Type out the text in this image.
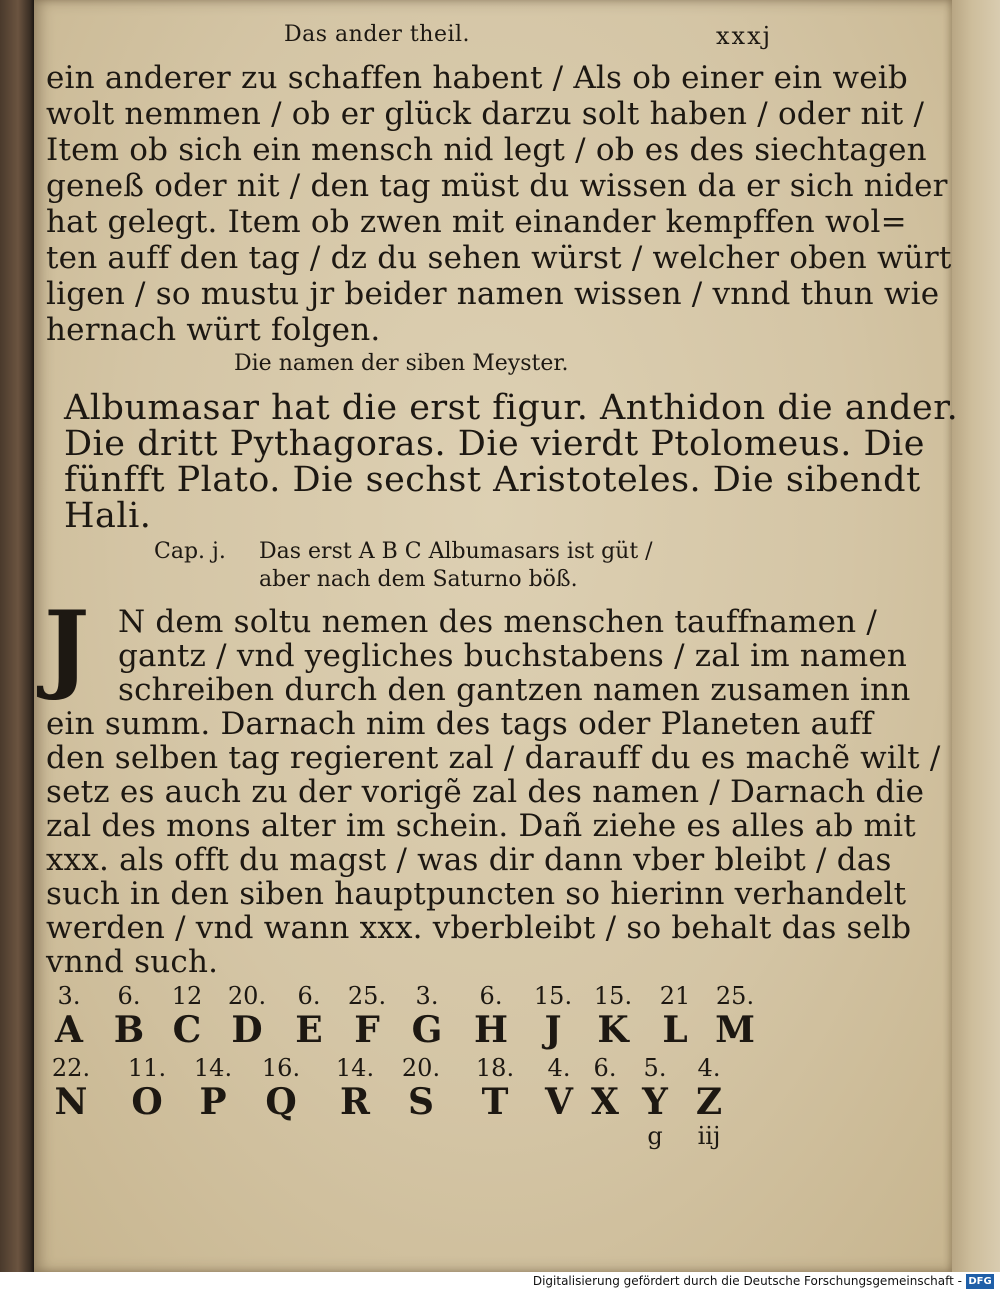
Das ander theil.	xxxj
ein anderer zu schaffen habent / Als ob einer ein weib
wolt nemmen / ob er glück darzu solt haben / oder nit /
Item ob sich ein mensch nid legt / ob es des siechtagen
geneß oder nit / den tag müst du wissen da er sich nider
hat gelegt. Item ob zwen mit einander kempffen wol=
ten auff den tag / dz du sehen würst / welcher oben würt
ligen / so mustu jr beider namen wissen / vnnd thun wie
hernach würt folgen.
Die namen der siben Meyster.
Albumasar hat die erst figur. Anthidon die ander.
Die dritt Pythagoras. Die vierdt Ptolomeus. Die
fünfft Plato. Die sechst Aristoteles. Die sibendt
Hali.
Cap. j. Das erst A B C Albumasars ist güt /
aber nach dem Saturno böß.
J N dem soltu nemen des menschen tauffnamen /
gantz / vnd yegliches buchstabens / zal im namen
schreiben durch den gantzen namen zusamen inn
ein summ. Darnach nim des tags oder Planeten auff
den selben tag regierent zal / darauff du es machẽ wilt /
setz es auch zu der vorigẽ zal des namen / Darnach die
zal des mons alter im schein. Dañ ziehe es alles ab mit
xxx. als offt du magst / was dir dann vber bleibt / das
such in den siben hauptpuncten so hierinn verhandelt
werden / vnd wann xxx. vberbleibt / so behalt das selb
vnnd such.
3.	6.	12	20.	6.	25.	3.	6.	15. 15.	21	25.
A B C D E F G H	J K L M
22. 11. 14. 16. 14. 20. 18.	4. 6.	5.	4.
N O	P	Q R	S	T	V X Y Z
g	iij
Digitalisierung gefördert durch die Deutsche Forschungsgemeinschaft - DFG
